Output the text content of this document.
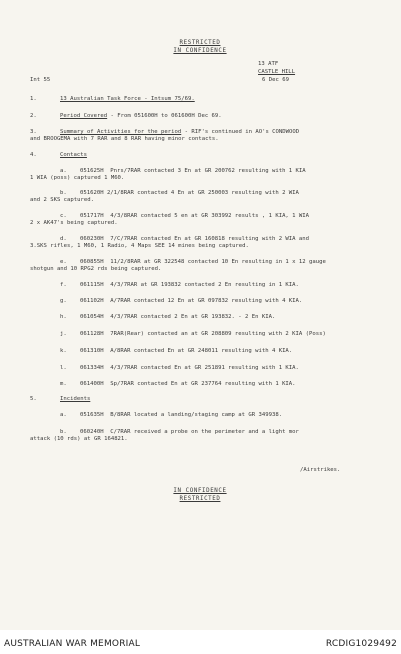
RESTRICTED
IN CONFIDENCE
13 ATF
CASTLE HILL
6 Dec 69
Int 55
1.	13 Australian Task Force - Intsum 75/69.
2.	Period Covered - From 051600H to 061600H Dec 69.
3.	Summary of Activities for the period - RIF's continued in AO's CONDWOOD
and BROOGEMA with 7 RAR and 8 RAR having minor contacts.
4.	Contacts
a. 051625H  Pnrs/7RAR contacted 3 En at GR 200762 resulting with 1 KIA
1 WIA (poss) captured 1 M60.
b. 051620H 2/1/8RAR contacted 4 En at GR 250003 resulting with 2 WIA
and 2 SKS captured.
c. 051717H  4/3/8RAR contacted 5 en at GR 303992 results , 1 KIA, 1 WIA
2 x AK47's being captured.
d. 060230H  7/C/7RAR contacted En at GR 160818 resulting with 2 WIA and
3.SKS rifles, 1 M60, 1 Radio, 4 Maps SEE 14 mines being captured.
e. 060855H  11/2/8RAR at GR 322548 contacted 10 En resulting in 1 x 12 gauge
shotgun and 10 RPG2 rds being captured.
f. 061115H  4/3/7RAR at GR 193832 contacted 2 En resulting in 1 KIA.
g. 061102H  A/7RAR contacted 12 En at GR 097832 resulting with 4 KIA.
h. 061054H  4/3/7RAR contacted 2 En at GR 193832. - 2 En KIA.
j. 061128H  7RAR(Rear) contacted an at GR 208809 resulting with 2 KIA (Poss)
k. 061310H  A/8RAR contacted En at GR 248011 resulting with 4 KIA.
l. 061334H  4/3/7RAR contacted En at GR 251891 resulting with 1 KIA.
m. 061400H  Sp/7RAR contacted En at GR 237764 resulting with 1 KIA.
5.	Incidents
a. 051635H  B/8RAR located a landing/staging camp at GR 349938.
b. 060240H  C/7RAR received a probe on the perimeter and a light mor
attack (10 rds) at GR 164821.
/Airstrikes.
IN CONFIDENCE
RESTRICTED
AUSTRALIAN WAR MEMORIAL	RCDIG1029492
